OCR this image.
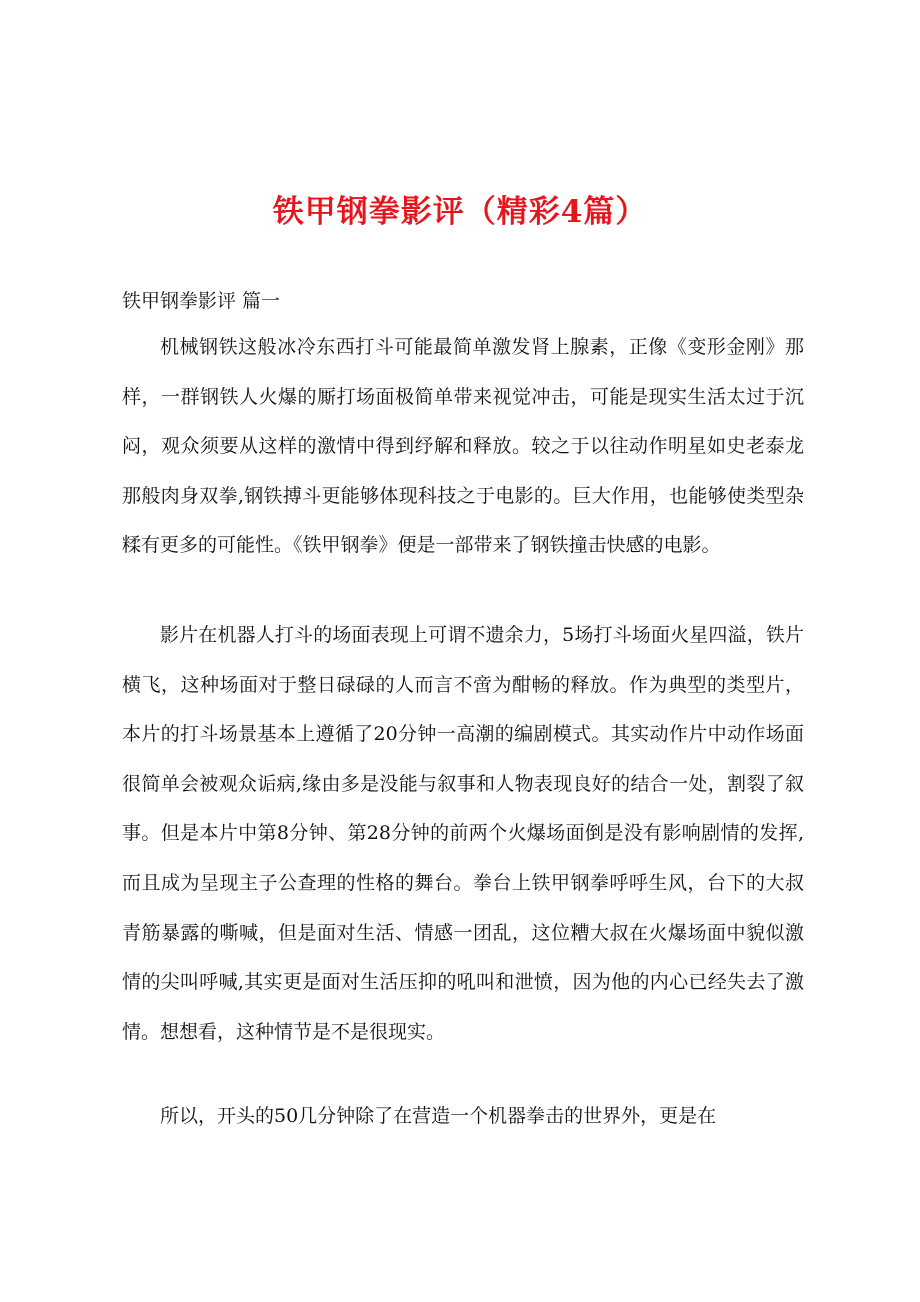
铁甲钢拳影评（精彩4篇）
铁甲钢拳影评 篇一

机械钢铁这般冰冷东西打斗可能最简单激发肾上腺素，正像《变形金刚》那样，一群钢铁人火爆的厮打场面极简单带来视觉冲击，可能是现实生活太过于沉闷，观众须要从这样的激情中得到纾解和释放。较之于以往动作明星如史老泰龙那般肉身双拳,钢铁搏斗更能够体现科技之于电影的。巨大作用，也能够使类型杂糅有更多的可能性。《铁甲钢拳》便是一部带来了钢铁撞击快感的电影。

影片在机器人打斗的场面表现上可谓不遗余力，5场打斗场面火星四溢，铁片横飞，这种场面对于整日碌碌的人而言不啻为酣畅的释放。作为典型的类型片，本片的打斗场景基本上遵循了20分钟一高潮的编剧模式。其实动作片中动作场面很简单会被观众诟病,缘由多是没能与叙事和人物表现良好的结合一处，割裂了叙事。但是本片中第8分钟、第28分钟的前两个火爆场面倒是没有影响剧情的发挥,而且成为呈现主子公查理的性格的舞台。拳台上铁甲钢拳呼呼生风，台下的大叔青筋暴露的嘶喊，但是面对生活、情感一团乱，这位糟大叔在火爆场面中貌似激情的尖叫呼喊,其实更是面对生活压抑的吼叫和泄愤，因为他的内心已经失去了激情。想想看，这种情节是不是很现实。

所以，开头的50几分钟除了在营造一个机器拳击的世界外，更是在
